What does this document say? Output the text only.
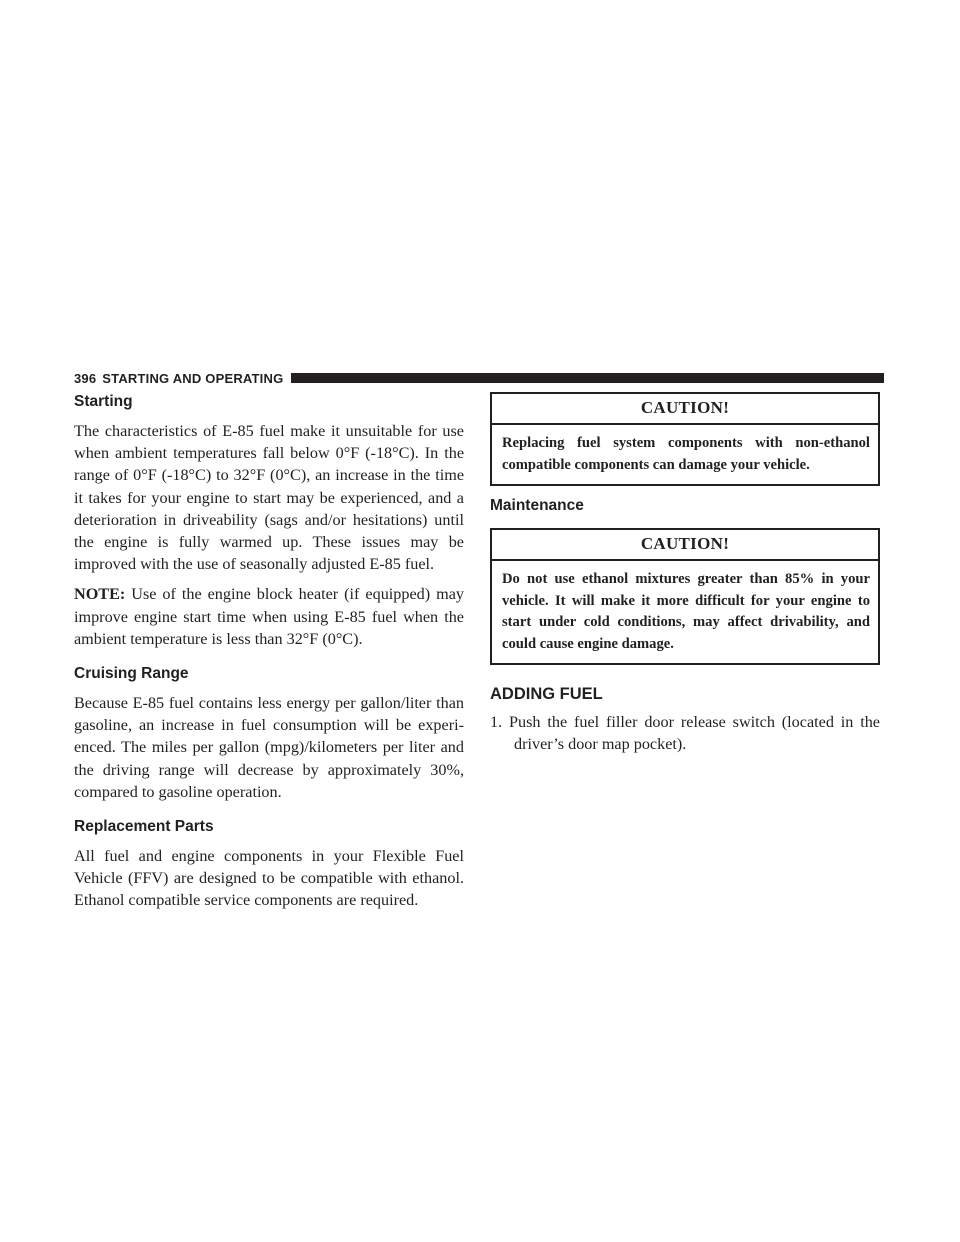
396 STARTING AND OPERATING
Starting

The characteristics of E-85 fuel make it unsuitable for use when ambient temperatures fall below 0°F (-18°C). In the range of 0°F (-18°C) to 32°F (0°C), an increase in the time it takes for your engine to start may be experienced, and a deterioration in driveability (sags and/or hesitations) until the engine is fully warmed up. These issues may be improved with the use of seasonally adjusted E-85 fuel.

NOTE: Use of the engine block heater (if equipped) may improve engine start time when using E-85 fuel when the ambient temperature is less than 32°F (0°C).

Cruising Range

Because E-85 fuel contains less energy per gallon/liter than gasoline, an increase in fuel consumption will be experi- enced. The miles per gallon (mpg)/kilometers per liter and the driving range will decrease by approximately 30%, compared to gasoline operation.

Replacement Parts

All fuel and engine components in your Flexible Fuel Vehicle (FFV) are designed to be compatible with ethanol. Ethanol compatible service components are required.

CAUTION!
Replacing fuel system components with non-ethanol compatible components can damage your vehicle.
Maintenance
CAUTION!
Do not use ethanol mixtures greater than 85% in your vehicle. It will make it more difficult for your engine to start under cold conditions, may affect drivability, and could cause engine damage.
ADDING FUEL

1. Push the fuel filler door release switch (located in the driver’s door map pocket).
